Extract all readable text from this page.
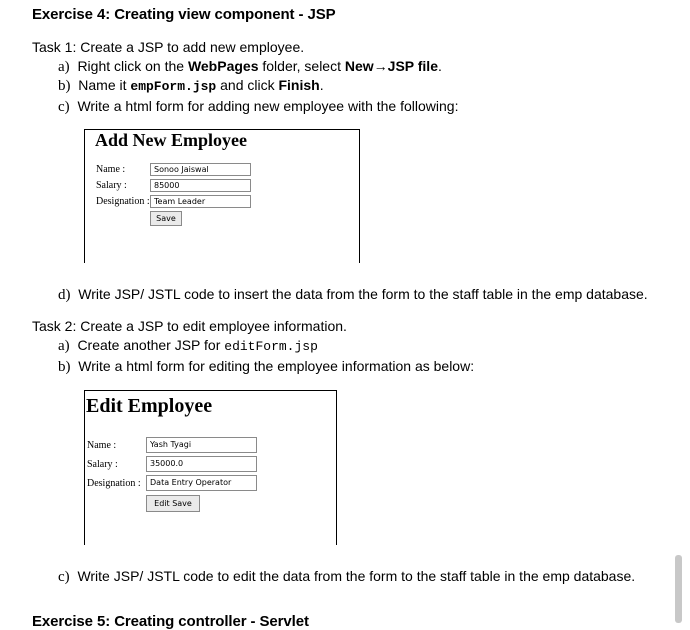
Exercise 4: Creating view component - JSP
Task 1: Create a JSP to add new employee.
a) Right click on the WebPages folder, select New→JSP file.
b) Name it empForm.jsp and click Finish.
c) Write a html form for adding new employee with the following:
Add New Employee
Name :	Sonoo Jaiswal
Salary :	85000
Designation : Team Leader
Save
d) Write JSP/ JSTL code to insert the data from the form to the staff table in the emp database.
Task 2: Create a JSP to edit employee information.
a) Create another JSP for editForm.jsp
b) Write a html form for editing the employee information as below:
Edit Employee
Name :	Yash Tyagi
Salary :	35000.0
Designation :	Data Entry Operator
Edit Save
c) Write JSP/ JSTL code to edit the data from the form to the staff table in the emp database.
Exercise 5: Creating controller - Servlet
